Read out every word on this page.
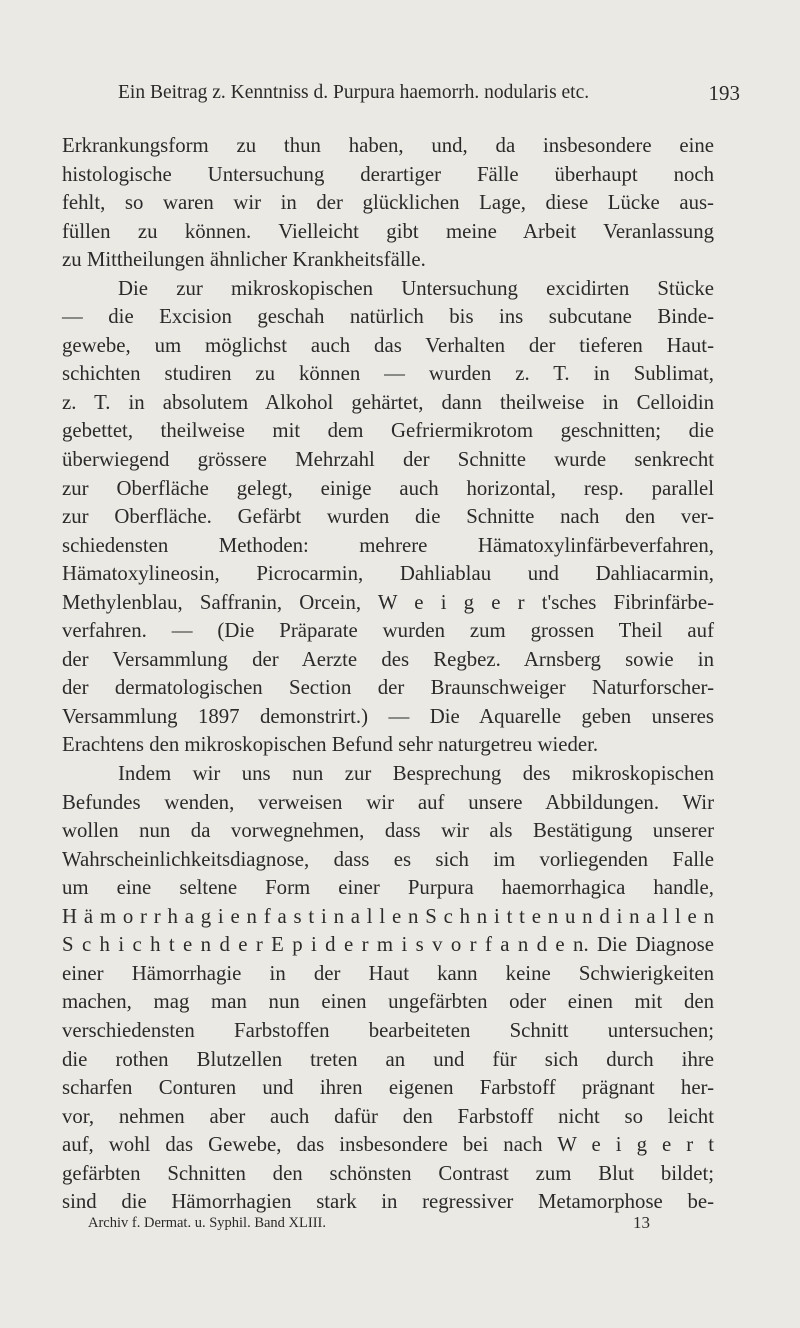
Ein Beitrag z. Kenntniss d. Purpura haemorrh. nodularis etc.	193
Erkrankungsform zu thun haben, und, da insbesondere eine
histologische Untersuchung derartiger Fälle überhaupt noch
fehlt, so waren wir in der glücklichen Lage, diese Lücke aus-
füllen zu können. Vielleicht gibt meine Arbeit Veranlassung
zu Mittheilungen ähnlicher Krankheitsfälle.
Die zur mikroskopischen Untersuchung excidirten Stücke
— die Excision geschah natürlich bis ins subcutane Binde-
gewebe, um möglichst auch das Verhalten der tieferen Haut-
schichten studiren zu können — wurden z. T. in Sublimat,
z. T. in absolutem Alkohol gehärtet, dann theilweise in Celloidin
gebettet, theilweise mit dem Gefriermikrotom geschnitten; die
überwiegend grössere Mehrzahl der Schnitte wurde senkrecht
zur Oberfläche gelegt, einige auch horizontal, resp. parallel
zur Oberfläche. Gefärbt wurden die Schnitte nach den ver-
schiedensten Methoden: mehrere Hämatoxylinfärbeverfahren,
Hämatoxylineosin, Picrocarmin, Dahliablau und Dahliacarmin,
Methylenblau, Saffranin, Orcein, W e i g e r t'sches Fibrinfärbe-
verfahren. — (Die Präparate wurden zum grossen Theil auf
der Versammlung der Aerzte des Regbez. Arnsberg sowie in
der dermatologischen Section der Braunschweiger Naturforscher-
Versammlung 1897 demonstrirt.) — Die Aquarelle geben unseres
Erachtens den mikroskopischen Befund sehr naturgetreu wieder.
Indem wir uns nun zur Besprechung des mikroskopischen
Befundes wenden, verweisen wir auf unsere Abbildungen. Wir
wollen nun da vorwegnehmen, dass wir als Bestätigung unserer
Wahrscheinlichkeitsdiagnose, dass es sich im vorliegenden Falle
um eine seltene Form einer Purpura haemorrhagica handle,
H ä m o r r h a g i e n f a s t i n a l l e n S c h n i t t e n u n d i n a l l e n
S c h i c h t e n d e r E p i d e r m i s v o r f a n d e n. Die Diagnose
einer Hämorrhagie in der Haut kann keine Schwierigkeiten
machen, mag man nun einen ungefärbten oder einen mit den
verschiedensten Farbstoffen bearbeiteten Schnitt untersuchen;
die rothen Blutzellen treten an und für sich durch ihre
scharfen Conturen und ihren eigenen Farbstoff prägnant her-
vor, nehmen aber auch dafür den Farbstoff nicht so leicht
auf, wohl das Gewebe, das insbesondere bei nach W e i g e r t
gefärbten Schnitten den schönsten Contrast zum Blut bildet;
sind die Hämorrhagien stark in regressiver Metamorphose be-
Archiv f. Dermat. u. Syphil. Band XLIII.	13
